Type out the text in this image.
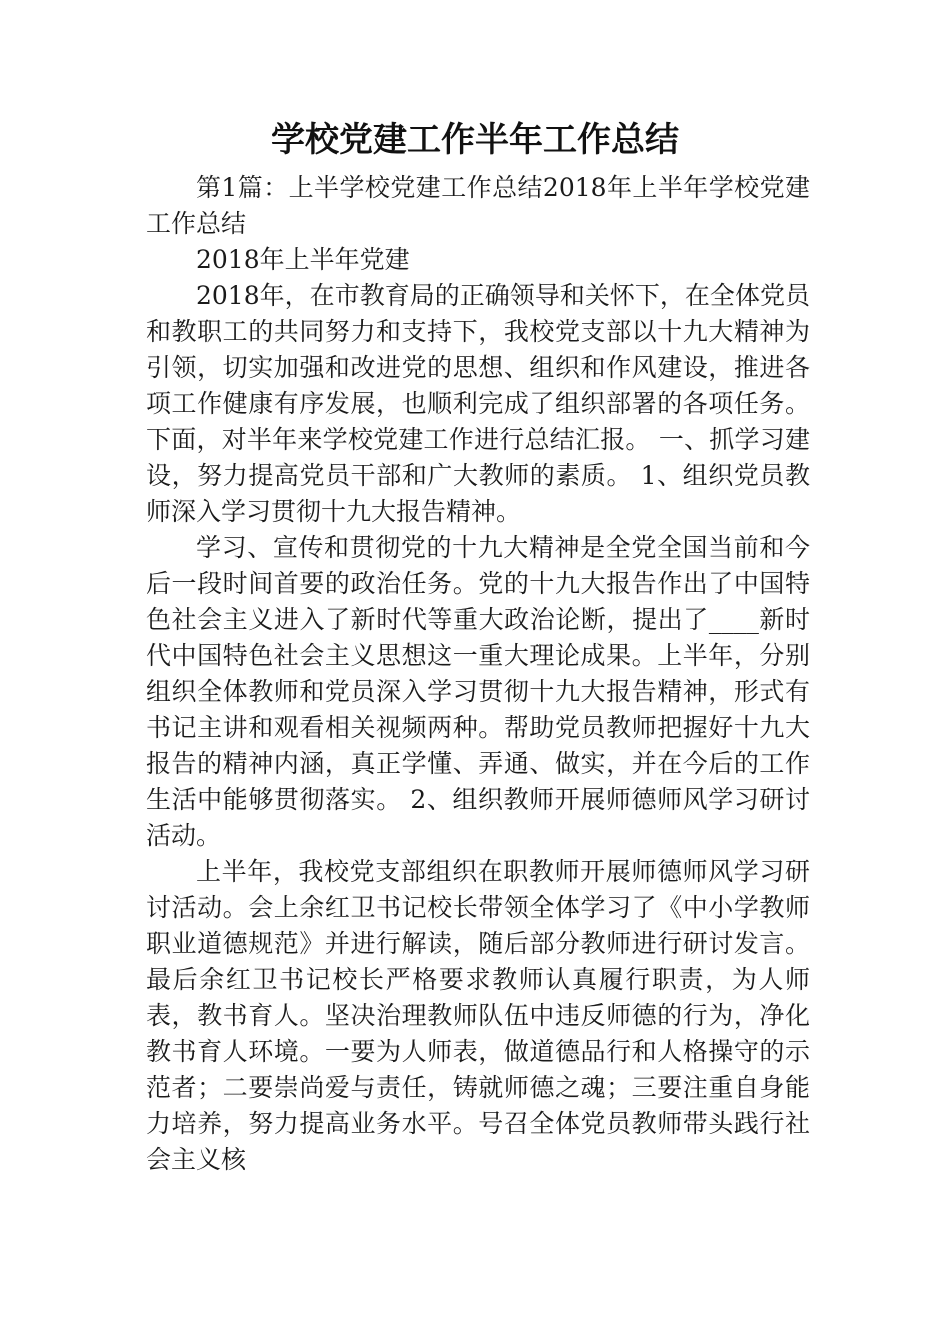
学校党建工作半年工作总结

第1篇：上半学校党建工作总结2018年上半年学校党建工作总结

2018年上半年党建

2018年，在市教育局的正确领导和关怀下，在全体党员和教职工的共同努力和支持下，我校党支部以十九大精神为引领，切实加强和改进党的思想、组织和作风建设，推进各项工作健康有序发展，也顺利完成了组织部署的各项任务。下面，对半年来学校党建工作进行总结汇报。 一、抓学习建设，努力提高党员干部和广大教师的素质。 1、组织党员教师深入学习贯彻十九大报告精神。

学习、宣传和贯彻党的十九大精神是全党全国当前和今后一段时间首要的政治任务。党的十九大报告作出了中国特色社会主义进入了新时代等重大政治论断，提出了____新时代中国特色社会主义思想这一重大理论成果。上半年，分别组织全体教师和党员深入学习贯彻十九大报告精神，形式有书记主讲和观看相关视频两种。帮助党员教师把握好十九大报告的精神内涵，真正学懂、弄通、做实，并在今后的工作生活中能够贯彻落实。 2、组织教师开展师德师风学习研讨活动。

上半年，我校党支部组织在职教师开展师德师风学习研讨活动。会上余红卫书记校长带领全体学习了《中小学教师职业道德规范》并进行解读，随后部分教师进行研讨发言。最后余红卫书记校长严格要求教师认真履行职责，为人师表，教书育人。坚决治理教师队伍中违反师德的行为，净化教书育人环境。一要为人师表，做道德品行和人格操守的示范者；二要崇尚爱与责任，铸就师德之魂；三要注重自身能力培养，努力提高业务水平。号召全体党员教师带头践行社会主义核
